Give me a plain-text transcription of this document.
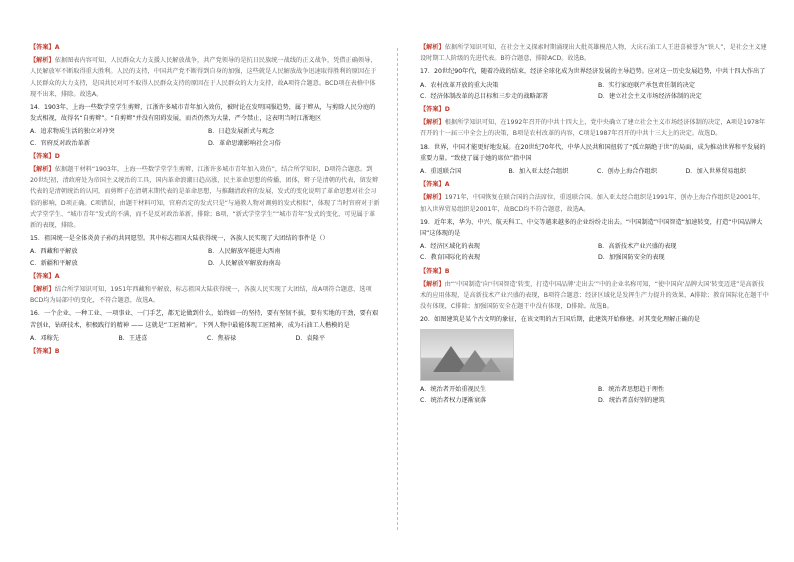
【答案】A
【解析】依据图表内容可知，人民群众大力支援人民解放战争，共产党领导的是抗日民族统一战线的正义战争，凭借正确领导，人民解放军不断取得重大胜利。人民的支持，中国共产党不断得到自身的加强，这些就是人民解放战争迅速取得胜利的原因在于人民群众的大力支持，是国共民对可不取得人民群众支持的原因在于人民群众的大力支持，故A项符合题意。BCD项在表格中体现不出来，排除。故选A。
14．1903年，上海一些数学堂学生剪辫，江浙许多城市青年加入效仿，被时论在发明国服趋势，属于辫从，与剪除人民分庭的发式相视，故得名“自剪辫”。“自剪辫”并没有阻碍发展，而否仍然为大量，严令禁止，这表明当时江浙地区
A．追求物质生活的独立对冲突	B．日趋发展新式与观念
C．官府反对政治革新	D．革命思潮影响社会习俗
【答案】D
【解析】依据题干材料“1903年，上海一些数学堂学生剪辫，江浙许多城市青年加入效仿”，结合所学知识，D项符合题意。到20世纪初，清政府处为帝国主义统治的工具，国内革命浪潮日趋高涨，民主革命思想的传播，团体，辫子是清朝的代表，留发辫代表的是清朝统治的认同，而剪辫子在清朝末期代表的是革命思想，与推翻清政府的发展，发式的变化说明了革命思想对社会习俗的影响，D项正确。C项错误，由题干材料可知，官府否定的发式只是“与通教人物对调剪的发式相似”，体现了当时官府对于新式学堂学生、“城市青年”发式的不满，而不是反对政治革新，排除；B项，“新式学堂学生”“城市青年”发式的变化，可见属于革新的表现，排除。
15．祖国统一是全体炎黄子孙的共同愿望。其中标志祖国大陆获得统一，各族人民实现了大团结的事件是（）
A．西藏和平解放	B．人民解放军挺进大西南
C．新疆和平解放	D．人民解放军解放海南岛
【答案】A
【解析】结合所学知识可知，1951年西藏和平解放，标志祖国大陆获得统一，各族人民实现了大团结，故A项符合题意，选项BCD均为局部中的变化，不符合题意，故选A。
16．一个企业、一种工业、一项事业、一门手艺，都无论做到什么，始终如一的坚持，要有坚韧不拔，要有实地的干劲，要有艰苦创业，钻研技术，积极践行的精神 —— 这就是“工匠精神”。下列人物中最能体现工匠精神，成为石油工人楷模的是
A．邓稼先	B．王进喜	C．焦裕禄	D．袁隆平
【答案】B
【解析】依据所学知识可知，在社会主义探索时期涌现出大批英雄模范人物，大庆石油工人王进喜被誉为“铁人”，是社会主义建设时期工人阶级的先进代表。B符合题意，排除ACD。故选B。
17．20世纪90年代，随着冷战的结束，经济全球化成为世界经济发展的主导趋势。应对这一历史发展趋势，中共十四大作出了
A．农村改革开放的重大决策	B．实行家庭联产承包责任制的决定
C．经济体制改革的总目标和三步走的战略部署	D．建立社会主义市场经济体制的决定
【答案】D
【解析】根据所学知识可知，在1992年召开的中共十四大上，党中央确立了建立社会主义市场经济体制的决定，A项是1978年召开的十一届三中全会上的决策，B项是农村改革的内容，C项是1987年召开的中共十三大上的决定。故选D。
18．世界，中国才能更好地发展。在20世纪70年代，中华人民共和国扭转了“孤立隔绝于世”的局面，成为推动世界和平发展的重要力量。“致使了属于她的席位”指中国
A．重返联合国	B．加入亚太经合组织	C．创办上海合作组织	D．加入世界贸易组织
【答案】A
【解析】1971年，中国恢复在联合国的合法席位，重返联合国。加入亚太经合组织是1991年，创办上海合作组织是2001年，加入世界贸易组织是2001年，故BCD均不符合题意，故选A。
19．近年来，华为、中兴、航天科工、中交等越来越多的企业纷纷走出去。“中国制造”中国智造“加速转变，打造“中国品牌大国”这体现的是
A．经济区域化的表现	B．高新技术产业兴盛的表现
C．教育国际化的表现	D．加强国防安全的表现
【答案】B
【解析】由“‘中国制造’向‘中国智造’转变，打造中国品牌‘走出去’”中的企业名称可知，“使中国向‘品牌大国’转变迈进”是高新技术的应用体现，是高新技术产业兴盛的表现，B项符合题意；经济区域化是发挥生产力提升的效果，A排除；教育国际化在题干中没有体现，C排除；加强国防安全在题干中没有体现，D排除。故选B。
20．如图建筑是某个古文明的象征，在该文明的古王国后期，此建筑开始修建。对其变化理解正确的是
A．统治者开始重视民生	B．统治者思想趋于理性
C．统治者权力逐渐衰落	D．统治者喜好别的建筑
